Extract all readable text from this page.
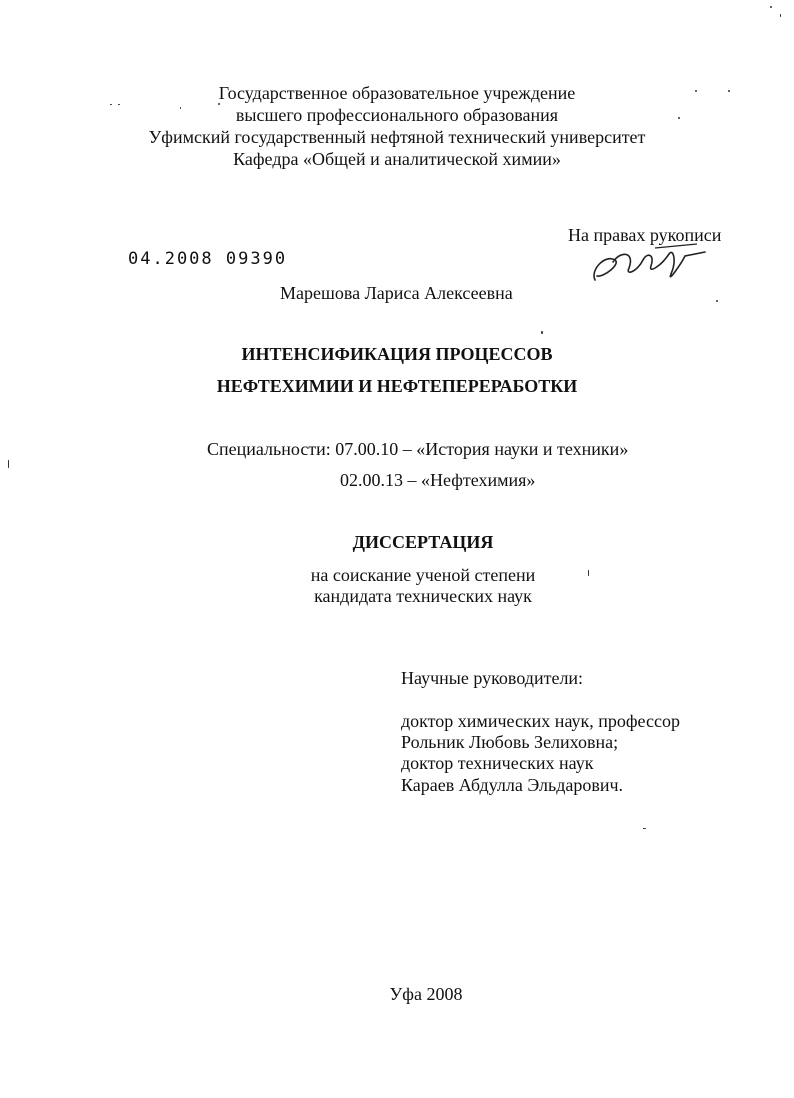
Государственное образовательное учреждение
высшего профессионального образования
Уфимский государственный нефтяной технический университет
Кафедра «Общей и аналитической химии»
На правах рукописи
04.2008 09390
Марешова Лариса Алексеевна
ИНТЕНСИФИКАЦИЯ ПРОЦЕССОВ
НЕФТЕХИМИИ И НЕФТЕПЕРЕРАБОТКИ
Специальности: 07.00.10 – «История науки и техники»
02.00.13 – «Нефтехимия»
ДИССЕРТАЦИЯ
на соискание ученой степени
кандидата технических наук
Научные руководители:
доктор химических наук, профессор
Рольник Любовь Зелиховна;
доктор технических наук
Караев Абдулла Эльдарович.
Уфа 2008
